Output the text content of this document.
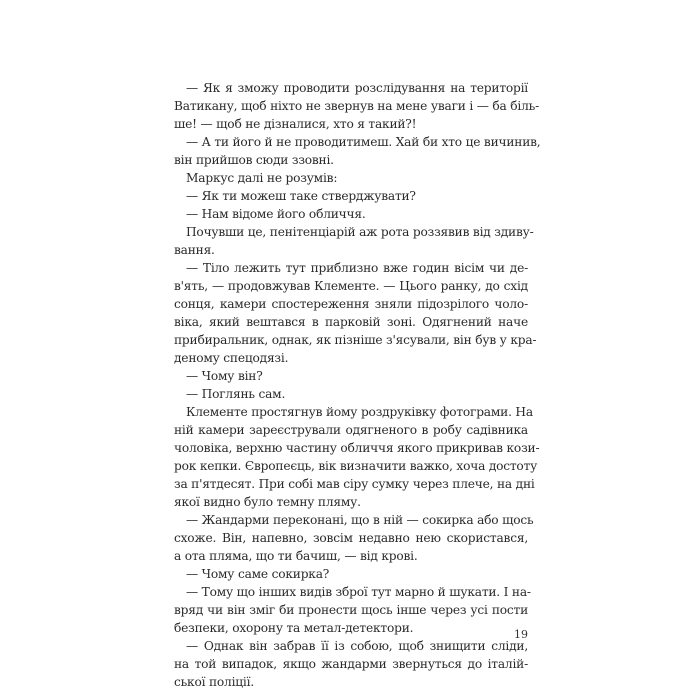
— Як я зможу проводити розслідування на території
Ватикану, щоб ніхто не звернув на мене уваги і — ба біль-
ше! — щоб не дізналися, хто я такий?!
— А ти його й не проводитимеш. Хай би хто це вичинив,
він прийшов сюди ззовні.
Маркус далі не розумів:
— Як ти можеш таке стверджувати?
— Нам відоме його обличчя.
Почувши це, пенітенціарій аж рота роззявив від здиву-
вання.
— Тіло лежить тут приблизно вже годин вісім чи де-
в'ять, — продовжував Клементе. — Цього ранку, до схід
сонця, камери спостереження зняли підозрілого чоло-
віка, який вештався в парковій зоні. Одягнений наче
прибиральник, однак, як пізніше з'ясували, він був у кра-
деному спецодязі.
— Чому він?
— Поглянь сам.
Клементе простягнув йому роздруківку фотограми. На
ній камери зареєстрували одягненого в робу садівника
чоловіка, верхню частину обличчя якого прикривав кози-
рок кепки. Європеєць, вік визначити важко, хоча достоту
за п'ятдесят. При собі мав сіру сумку через плече, на дні
якої видно було темну пляму.
— Жандарми переконані, що в ній — сокирка або щось
схоже. Він, напевно, зовсім недавно нею скористався,
а ота пляма, що ти бачиш, — від крові.
— Чому саме сокирка?
— Тому що інших видів зброї тут марно й шукати. І на-
вряд чи він зміг би пронести щось інше через усі пости
безпеки, охорону та метал-детектори.
— Однак він забрав її із собою, щоб знищити сліди,
на той випадок, якщо жандарми звернуться до італій-
ської поліції.
19
